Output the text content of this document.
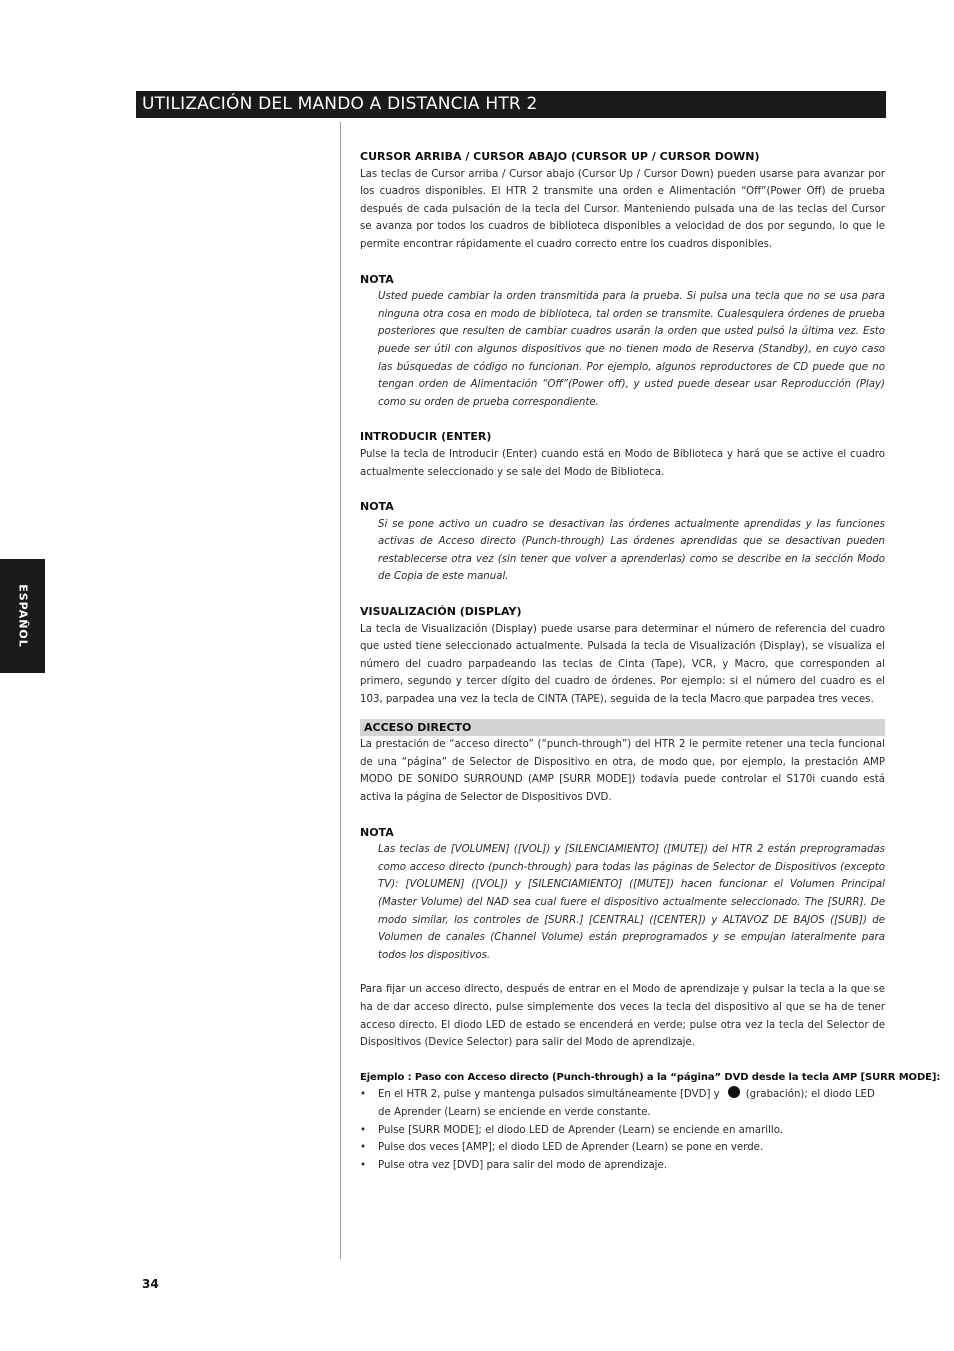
UTILIZACIÓN DEL MANDO A DISTANCIA HTR 2
ESPAÑOL
CURSOR ARRIBA / CURSOR ABAJO (CURSOR UP / CURSOR DOWN)

Las teclas de Cursor arriba / Cursor abajo (Cursor Up / Cursor Down) pueden usarse para avanzar por los cuadros disponibles. El HTR 2 transmite una orden e Alimentación “Off”(Power Off) de prueba después de cada pulsación de la tecla del Cursor. Manteniendo pulsada una de las teclas del Cursor se avanza por todos los cuadros de biblioteca disponibles a velocidad de dos por segundo, lo que le permite encontrar rápidamente el cuadro correcto entre los cuadros disponibles.

NOTA

Usted puede cambiar la orden transmitida para la prueba. Si pulsa una tecla que no se usa para ninguna otra cosa en modo de biblioteca, tal orden se transmite. Cualesquiera órdenes de prueba posteriores que resulten de cambiar cuadros usarán la orden que usted pulsó la última vez. Esto puede ser útil con algunos dispositivos que no tienen modo de Reserva (Standby), en cuyo caso las búsquedas de código no funcionan. Por ejemplo, algunos reproductores de CD puede que no tengan orden de Alimentación “Off”(Power off), y usted puede desear usar Reproducción (Play) como su orden de prueba correspondiente.

INTRODUCIR (ENTER)

Pulse la tecla de Introducir (Enter) cuando está en Modo de Biblioteca y hará que se active el cuadro actualmente seleccionado y se sale del Modo de Biblioteca.

NOTA

Si se pone activo un cuadro se desactivan las órdenes actualmente aprendidas y las funciones activas de Acceso directo (Punch-through) Las órdenes aprendidas que se desactivan pueden restablecerse otra vez (sin tener que volver a aprenderlas) como se describe en la sección Modo de Copia de este manual.

VISUALIZACIÓN (DISPLAY)

La tecla de Visualización (Display) puede usarse para determinar el número de referencia del cuadro que usted tiene seleccionado actualmente. Pulsada la tecla de Visualización (Display), se visualiza el número del cuadro parpadeando las teclas de Cinta (Tape), VCR, y Macro, que corresponden al primero, segundo y tercer dígito del cuadro de órdenes. Por ejemplo: si el número del cuadro es el 103, parpadea una vez la tecla de CINTA (TAPE), seguida de la tecla Macro que parpadea tres veces.

ACCESO DIRECTO

La prestación de “acceso directo” (“punch-through”) del HTR 2 le permite retener una tecla funcional de una “página” de Selector de Dispositivo en otra, de modo que, por ejemplo, la prestación AMP MODO DE SONIDO SURROUND (AMP [SURR MODE]) todavía puede controlar el S170i cuando está activa la página de Selector de Dispositivos DVD.

NOTA

Las teclas de [VOLUMEN] ([VOL]) y [SILENCIAMIENTO] ([MUTE]) del HTR 2 están preprogramadas como acceso directo (punch-through) para todas las páginas de Selector de Dispositivos (excepto TV): [VOLUMEN] ([VOL]) y [SILENCIAMIENTO] ([MUTE]) hacen funcionar el Volumen Principal (Master Volume) del NAD sea cual fuere el dispositivo actualmente seleccionado. The [SURR]. De modo similar, los controles de [SURR.] [CENTRAL] ([CENTER]) y ALTAVOZ DE BAJOS ([SUB]) de Volumen de canales (Channel Volume) están preprogramados y se empujan lateralmente para todos los dispositivos.

Para fijar un acceso directo, después de entrar en el Modo de aprendizaje y pulsar la tecla a la que se ha de dar acceso directo, pulse simplemente dos veces la tecla del dispositivo al que se ha de tener acceso directo. El diodo LED de estado se encenderá en verde; pulse otra vez la tecla del Selector de Dispositivos (Device Selector) para salir del Modo de aprendizaje.

Ejemplo : Paso con Acceso directo (Punch-through) a la “página” DVD desde la tecla AMP [SURR MODE]:
• En el HTR 2, pulse y mantenga pulsados simultáneamente [DVD] y	(grabación); el diodo LED de Aprender (Learn) se enciende en verde constante.
• Pulse [SURR MODE]; el diodo LED de Aprender (Learn) se enciende en amarillo.
• Pulse dos veces [AMP]; el diodo LED de Aprender (Learn) se pone en verde.
• Pulse otra vez [DVD] para salir del modo de aprendizaje.
34
